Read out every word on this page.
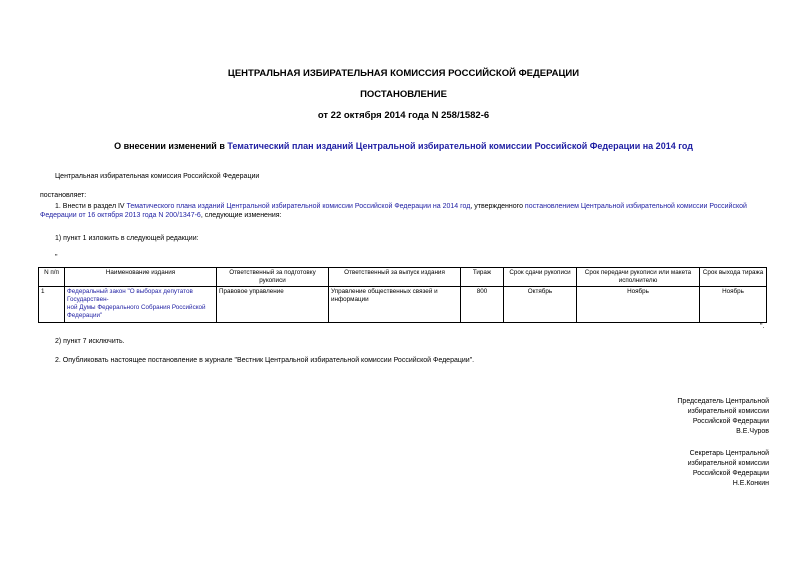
ЦЕНТРАЛЬНАЯ ИЗБИРАТЕЛЬНАЯ КОМИССИЯ РОССИЙСКОЙ ФЕДЕРАЦИИ
ПОСТАНОВЛЕНИЕ
от 22 октября 2014 года N 258/1582-6
О внесении изменений в Тематический план изданий Центральной избирательной комиссии Российской Федерации на 2014 год
Центральная избирательная комиссия Российской Федерации
постановляет:
1. Внести в раздел IV Тематического плана изданий Центральной избирательной комиссии Российской Федерации на 2014 год, утвержденного постановлением Центральной избирательной комиссии Российской Федерации от 16 октября 2013 года N 200/1347-6, следующие изменения:
1) пункт 1 изложить в следующей редакции:
"
N п/п	Наименование издания	Ответственный за подготовку рукописи	Ответственный за выпуск издания	Тираж	Срок сдачи рукописи	Срок передачи рукописи или макета исполнителю	Срок выхода тиража
1	Федеральный закон "О выборах депутатов Государствен-
ной Думы Федерального Собрания Российской Федерации"	Правовое управление	Управление общественных связей и информации	800	Октябрь	Ноябрь	Ноябрь
".
2) пункт 7 исключить.
2. Опубликовать настоящее постановление в журнале "Вестник Центральной избирательной комиссии Российской Федерации".
Председатель Центральной
избирательной комиссии
Российской Федерации
В.Е.Чуров
Секретарь Центральной
избирательной комиссии
Российской Федерации
Н.Е.Конкин
